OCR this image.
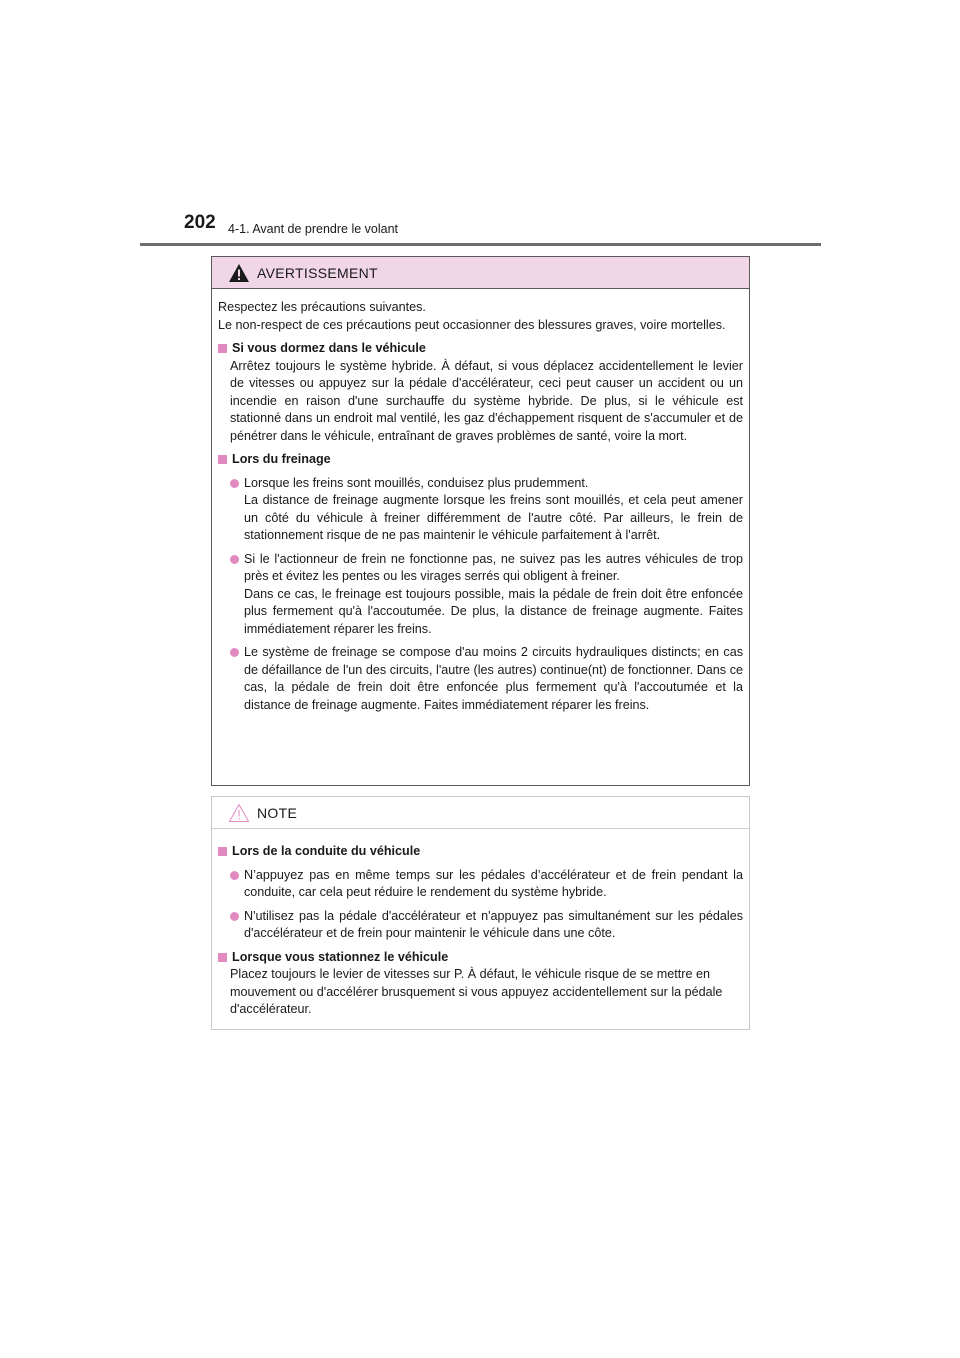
202 4-1. Avant de prendre le volant
AVERTISSEMENT

Respectez les précautions suivantes.

Le non-respect de ces précautions peut occasionner des blessures graves, voire mortelles.

Si vous dormez dans le véhicule
Arrêtez toujours le système hybride. À défaut, si vous déplacez accidentellement le levier de vitesses ou appuyez sur la pédale d'accélérateur, ceci peut causer un accident ou un incendie en raison d'une surchauffe du système hybride. De plus, si le véhicule est stationné dans un endroit mal ventilé, les gaz d'échappement risquent de s'accumuler et de pénétrer dans le véhicule, entraînant de graves problèmes de santé, voire la mort.
Lors du freinage
Lorsque les freins sont mouillés, conduisez plus prudemment.
La distance de freinage augmente lorsque les freins sont mouillés, et cela peut amener un côté du véhicule à freiner différemment de l'autre côté. Par ailleurs, le frein de stationnement risque de ne pas maintenir le véhicule parfaitement à l'arrêt.
Si le l'actionneur de frein ne fonctionne pas, ne suivez pas les autres véhicules de trop près et évitez les pentes ou les virages serrés qui obligent à freiner.
Dans ce cas, le freinage est toujours possible, mais la pédale de frein doit être enfoncée plus fermement qu'à l'accoutumée. De plus, la distance de freinage augmente. Faites immédiatement réparer les freins.
Le système de freinage se compose d'au moins 2 circuits hydrauliques distincts; en cas de défaillance de l'un des circuits, l'autre (les autres) continue(nt) de fonctionner. Dans ce cas, la pédale de frein doit être enfoncée plus fermement qu'à l'accoutumée et la distance de freinage augmente. Faites immédiatement réparer les freins.
NOTE
Lors de la conduite du véhicule
N’appuyez pas en même temps sur les pédales d’accélérateur et de frein pendant la conduite, car cela peut réduire le rendement du système hybride.
N'utilisez pas la pédale d'accélérateur et n'appuyez pas simultanément sur les pédales d'accélérateur et de frein pour maintenir le véhicule dans une côte.
Lorsque vous stationnez le véhicule
Placez toujours le levier de vitesses sur P. À défaut, le véhicule risque de se mettre en mouvement ou d'accélérer brusquement si vous appuyez accidentellement sur la pédale d'accélérateur.
